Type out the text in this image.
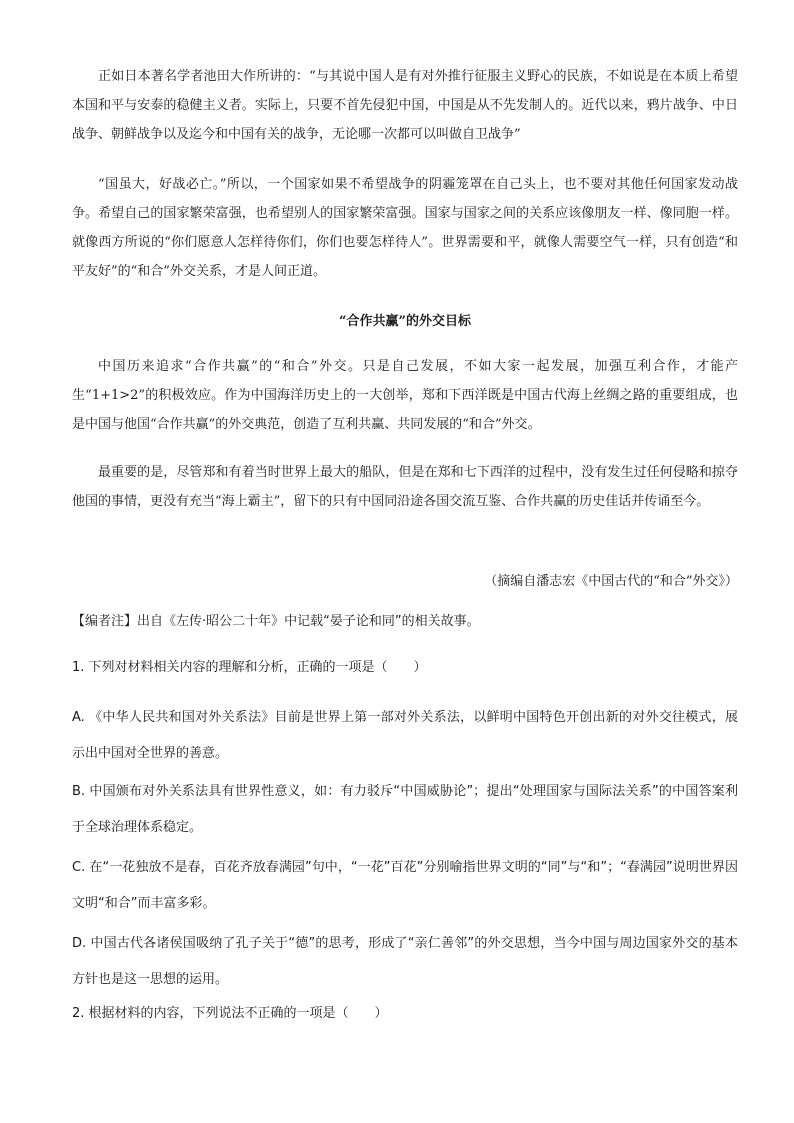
正如日本著名学者池田大作所讲的：“与其说中国人是有对外推行征服主义野心的民族，不如说是在本质上希望本国和平与安泰的稳健主义者。实际上，只要不首先侵犯中国，中国是从不先发制人的。近代以来，鸦片战争、中日战争、朝鲜战争以及迄今和中国有关的战争，无论哪一次都可以叫做自卫战争”

“国虽大，好战必亡。”所以，一个国家如果不希望战争的阴霾笼罩在自己头上，也不要对其他任何国家发动战争。希望自己的国家繁荣富强，也希望别人的国家繁荣富强。国家与国家之间的关系应该像朋友一样、像同胞一样。就像西方所说的“你们愿意人怎样待你们，你们也要怎样待人”。世界需要和平，就像人需要空气一样，只有创造“和平友好”的“和合”外交关系，才是人间正道。

“合作共赢”的外交目标

中国历来追求“合作共赢”的“和合”外交。只是自己发展，不如大家一起发展，加强互利合作，才能产生“1+1>2”的积极效应。作为中国海洋历史上的一大创举，郑和下西洋既是中国古代海上丝绸之路的重要组成，也是中国与他国“合作共赢”的外交典范，创造了互利共赢、共同发展的“和合”外交。

最重要的是，尽管郑和有着当时世界上最大的船队，但是在郑和七下西洋的过程中，没有发生过任何侵略和掠夺他国的事情，更没有充当“海上霸主”，留下的只有中国同沿途各国交流互鉴、合作共赢的历史佳话并传诵至今。

（摘编自潘志宏《中国古代的“和合”外交》）

【编者注】出自《左传·昭公二十年》中记载“晏子论和同”的相关故事。

1. 下列对材料相关内容的理解和分析，正确的一项是（　　）

A. 《中华人民共和国对外关系法》目前是世界上第一部对外关系法，以鲜明中国特色开创出新的对外交往模式，展示出中国对全世界的善意。

B. 中国颁布对外关系法具有世界性意义，如：有力驳斥“中国威胁论”；提出“处理国家与国际法关系”的中国答案利于全球治理体系稳定。

C. 在“一花独放不是春，百花齐放春满园”句中，“一花”百花”分别喻指世界文明的“同”与“和”；“春满园”说明世界因文明“和合”而丰富多彩。

D. 中国古代各诸侯国吸纳了孔子关于“德”的思考，形成了“亲仁善邻”的外交思想，当今中国与周边国家外交的基本方针也是这一思想的运用。

2. 根据材料的内容，下列说法不正确的一项是（　　）
